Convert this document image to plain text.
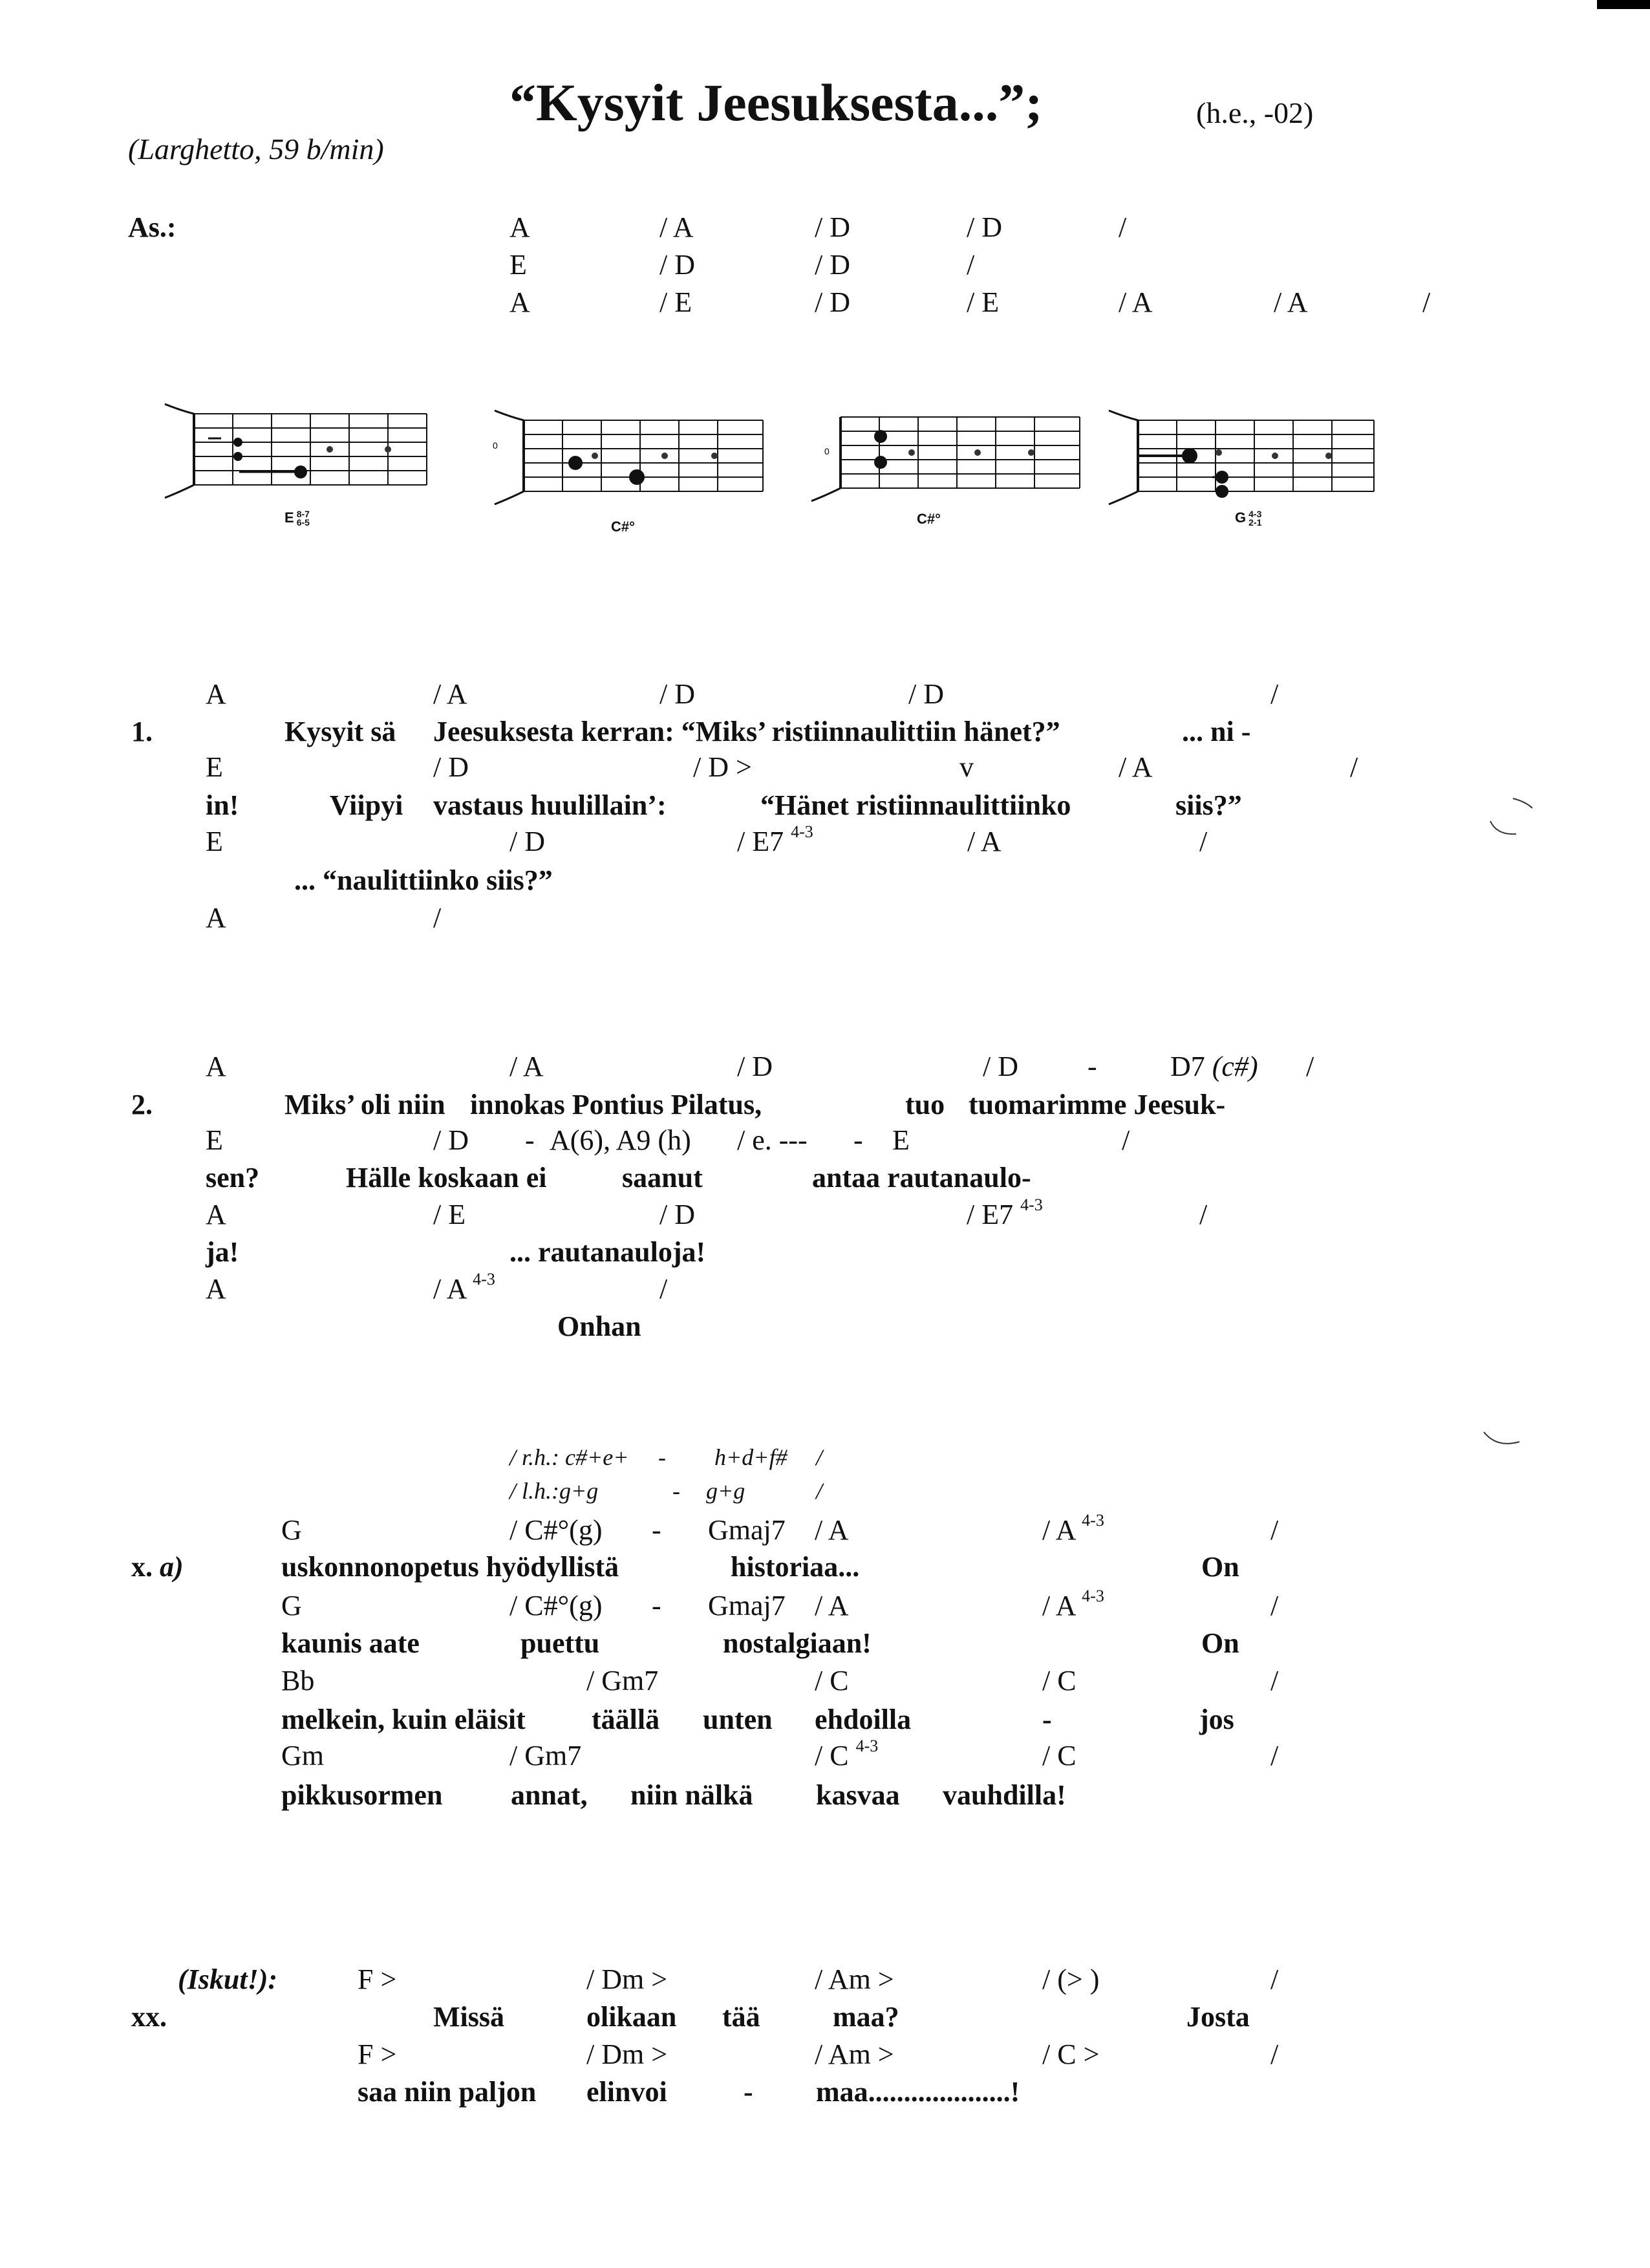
“Kysyit Jeesuksesta...”;	(h.e., -02)
(Larghetto, 59 b/min)
As.:	A	/ A	/ D	/ D	/
E	/ D	/ D	/
A	/ E	/ D	/ E	/ A	/ A	/
E 8-7
6-5
0
C#°
0
C#°	G 4-3
2-1
A	/ A	/ D	/ D	/
1.	Kysyit sä Jeesuksesta kerran: “Miks’ ristiinnaulittiin hänet?”	... ni -
E	/ D	/ D >	v	/ A	/
in!	Viipyi vastaus huulillain’:	“Hänet ristiinnaulittiinko	siis?”
E	/ D	/ E7 $^{4-3}$	/ A	/
... “naulittiinko siis?”
A	/
A	/ A	/ D	/ D -	D7 (c#) /
2.	Miks’ oli niin innokas Pontius Pilatus,	tuo tuomarimme Jeesuk-
E	/ D - A(6), A9 (h) / e. --- - E	/
sen?	Hälle koskaan ei	saanut	antaa rautanaulo-
A	/ E	/ D	/ E7 $^{4-3}$	/
ja!	... rautanauloja!
A	/ A $^{4-3}$	/
Onhan
/ r.h.: c#+e+ - h+d+f# /
/ l.h.:g+g	- g+g	/
G	/ C#°(g) - Gmaj7 / A	/ A $^{4-3}$	/
x. a)	uskonnonopetus hyödyllistä	historiaa...	On
G	/ C#°(g) - Gmaj7 / A	/ A $^{4-3}$	/
kaunis aate	puettu	nostalgiaan!	On
Bb	/ Gm7	/ C	/ C	/
melkein, kuin eläisit täällä unten ehdoilla	-	jos
Gm	/ Gm7	/ C $^{4-3}$	/ C	/
pikkusormen annat, niin nälkä kasvaa vauhdilla!
(Iskut!):	F >	/ Dm >	/ Am >	/ (> )	/
xx.	Missä	olikaan tää	maa?	Josta
F >	/ Dm >	/ Am >	/ C >	/
saa niin paljon elinvoi	- maa....................!
